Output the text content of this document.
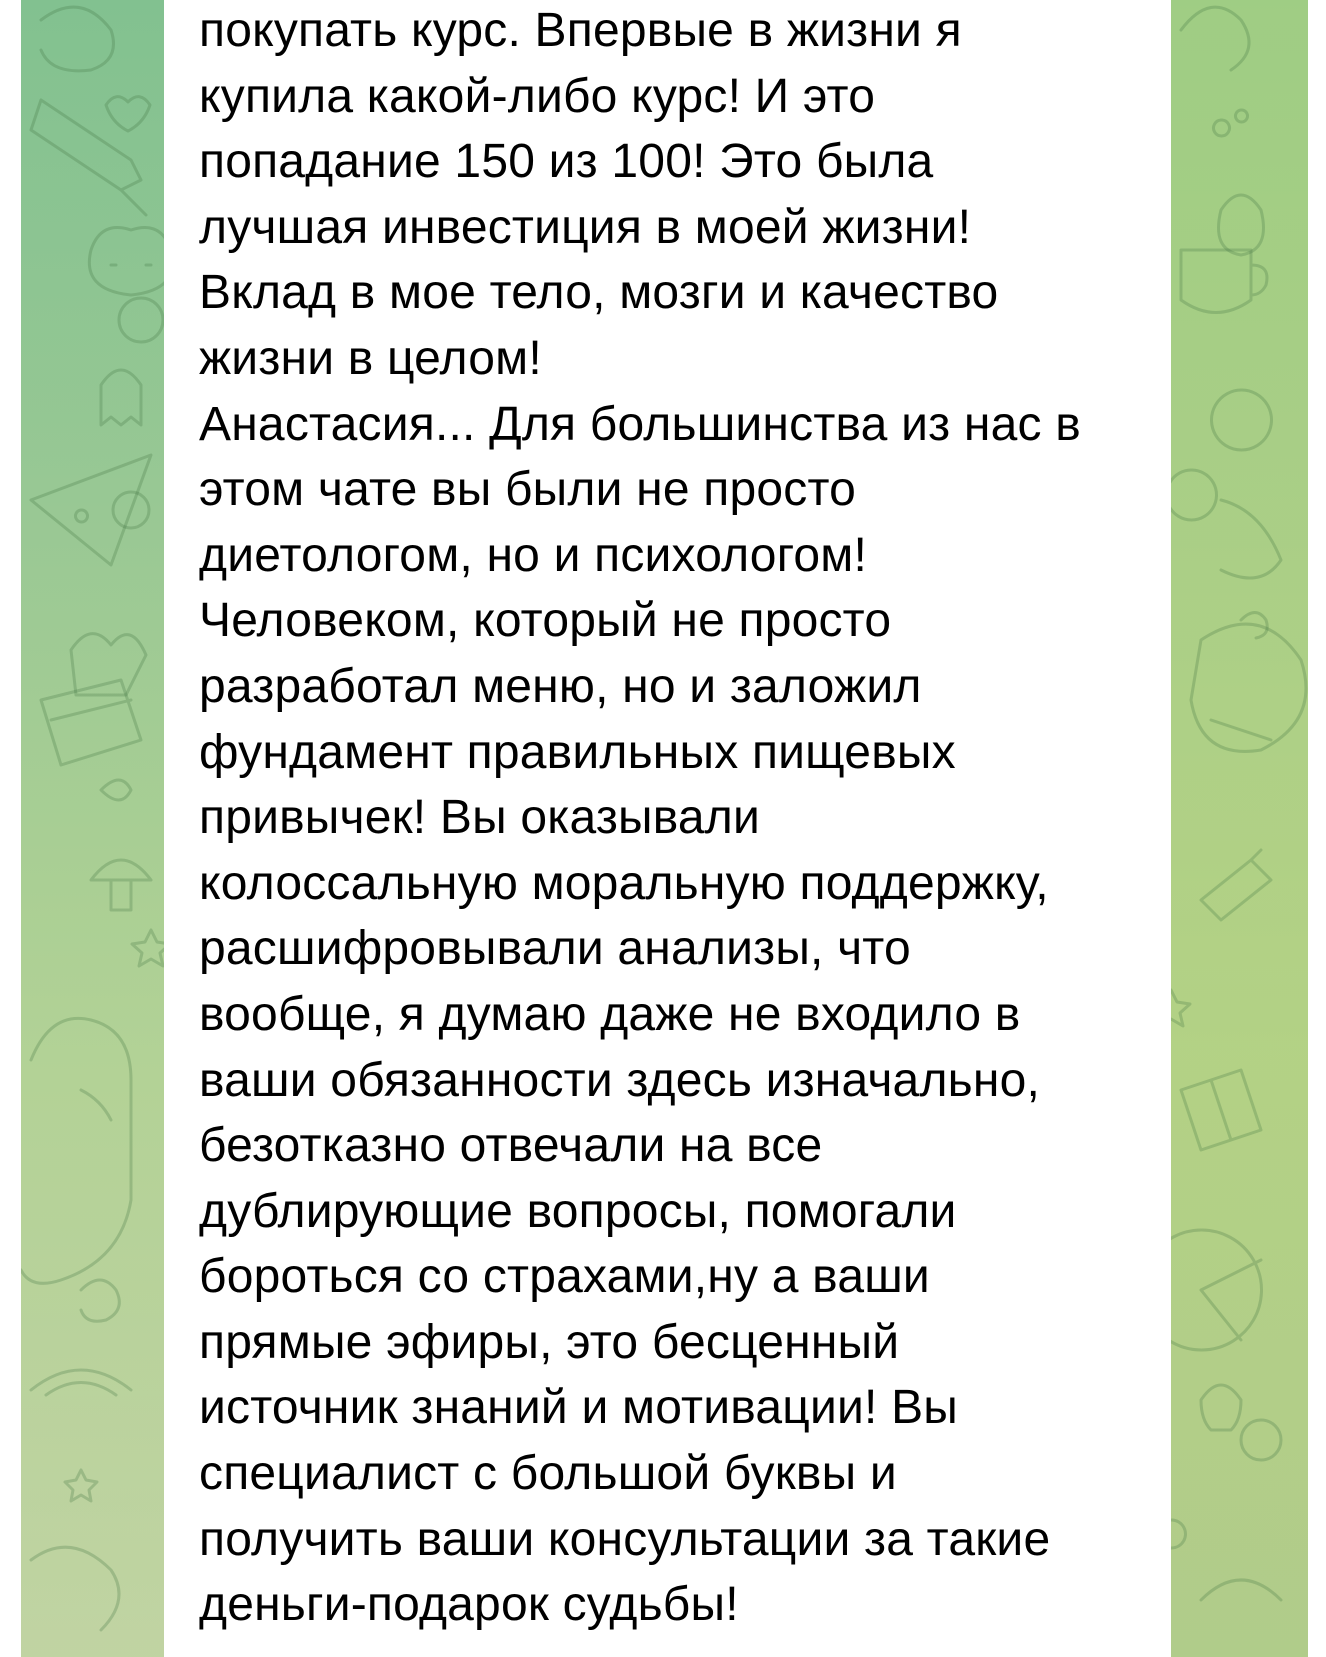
покупать курс. Впервые в жизни я
купила какой-либо курс! И это
попадание 150 из 100! Это была
лучшая инвестиция в моей жизни!
Вклад в мое тело, мозги и качество
жизни в целом!
Анастасия... Для большинства из нас в
этом чате вы были не просто
диетологом, но и психологом!
Человеком, который не просто
разработал меню, но и заложил
фундамент правильных пищевых
привычек! Вы оказывали
колоссальную моральную поддержку,
расшифровывали анализы, что
вообще, я думаю даже не входило в
ваши обязанности здесь изначально,
безотказно отвечали на все
дублирующие вопросы, помогали
бороться со страхами,ну а ваши
прямые эфиры, это бесценный
источник знаний и мотивации! Вы
специалист с большой буквы и
получить ваши консультации за такие
деньги-подарок судьбы!
